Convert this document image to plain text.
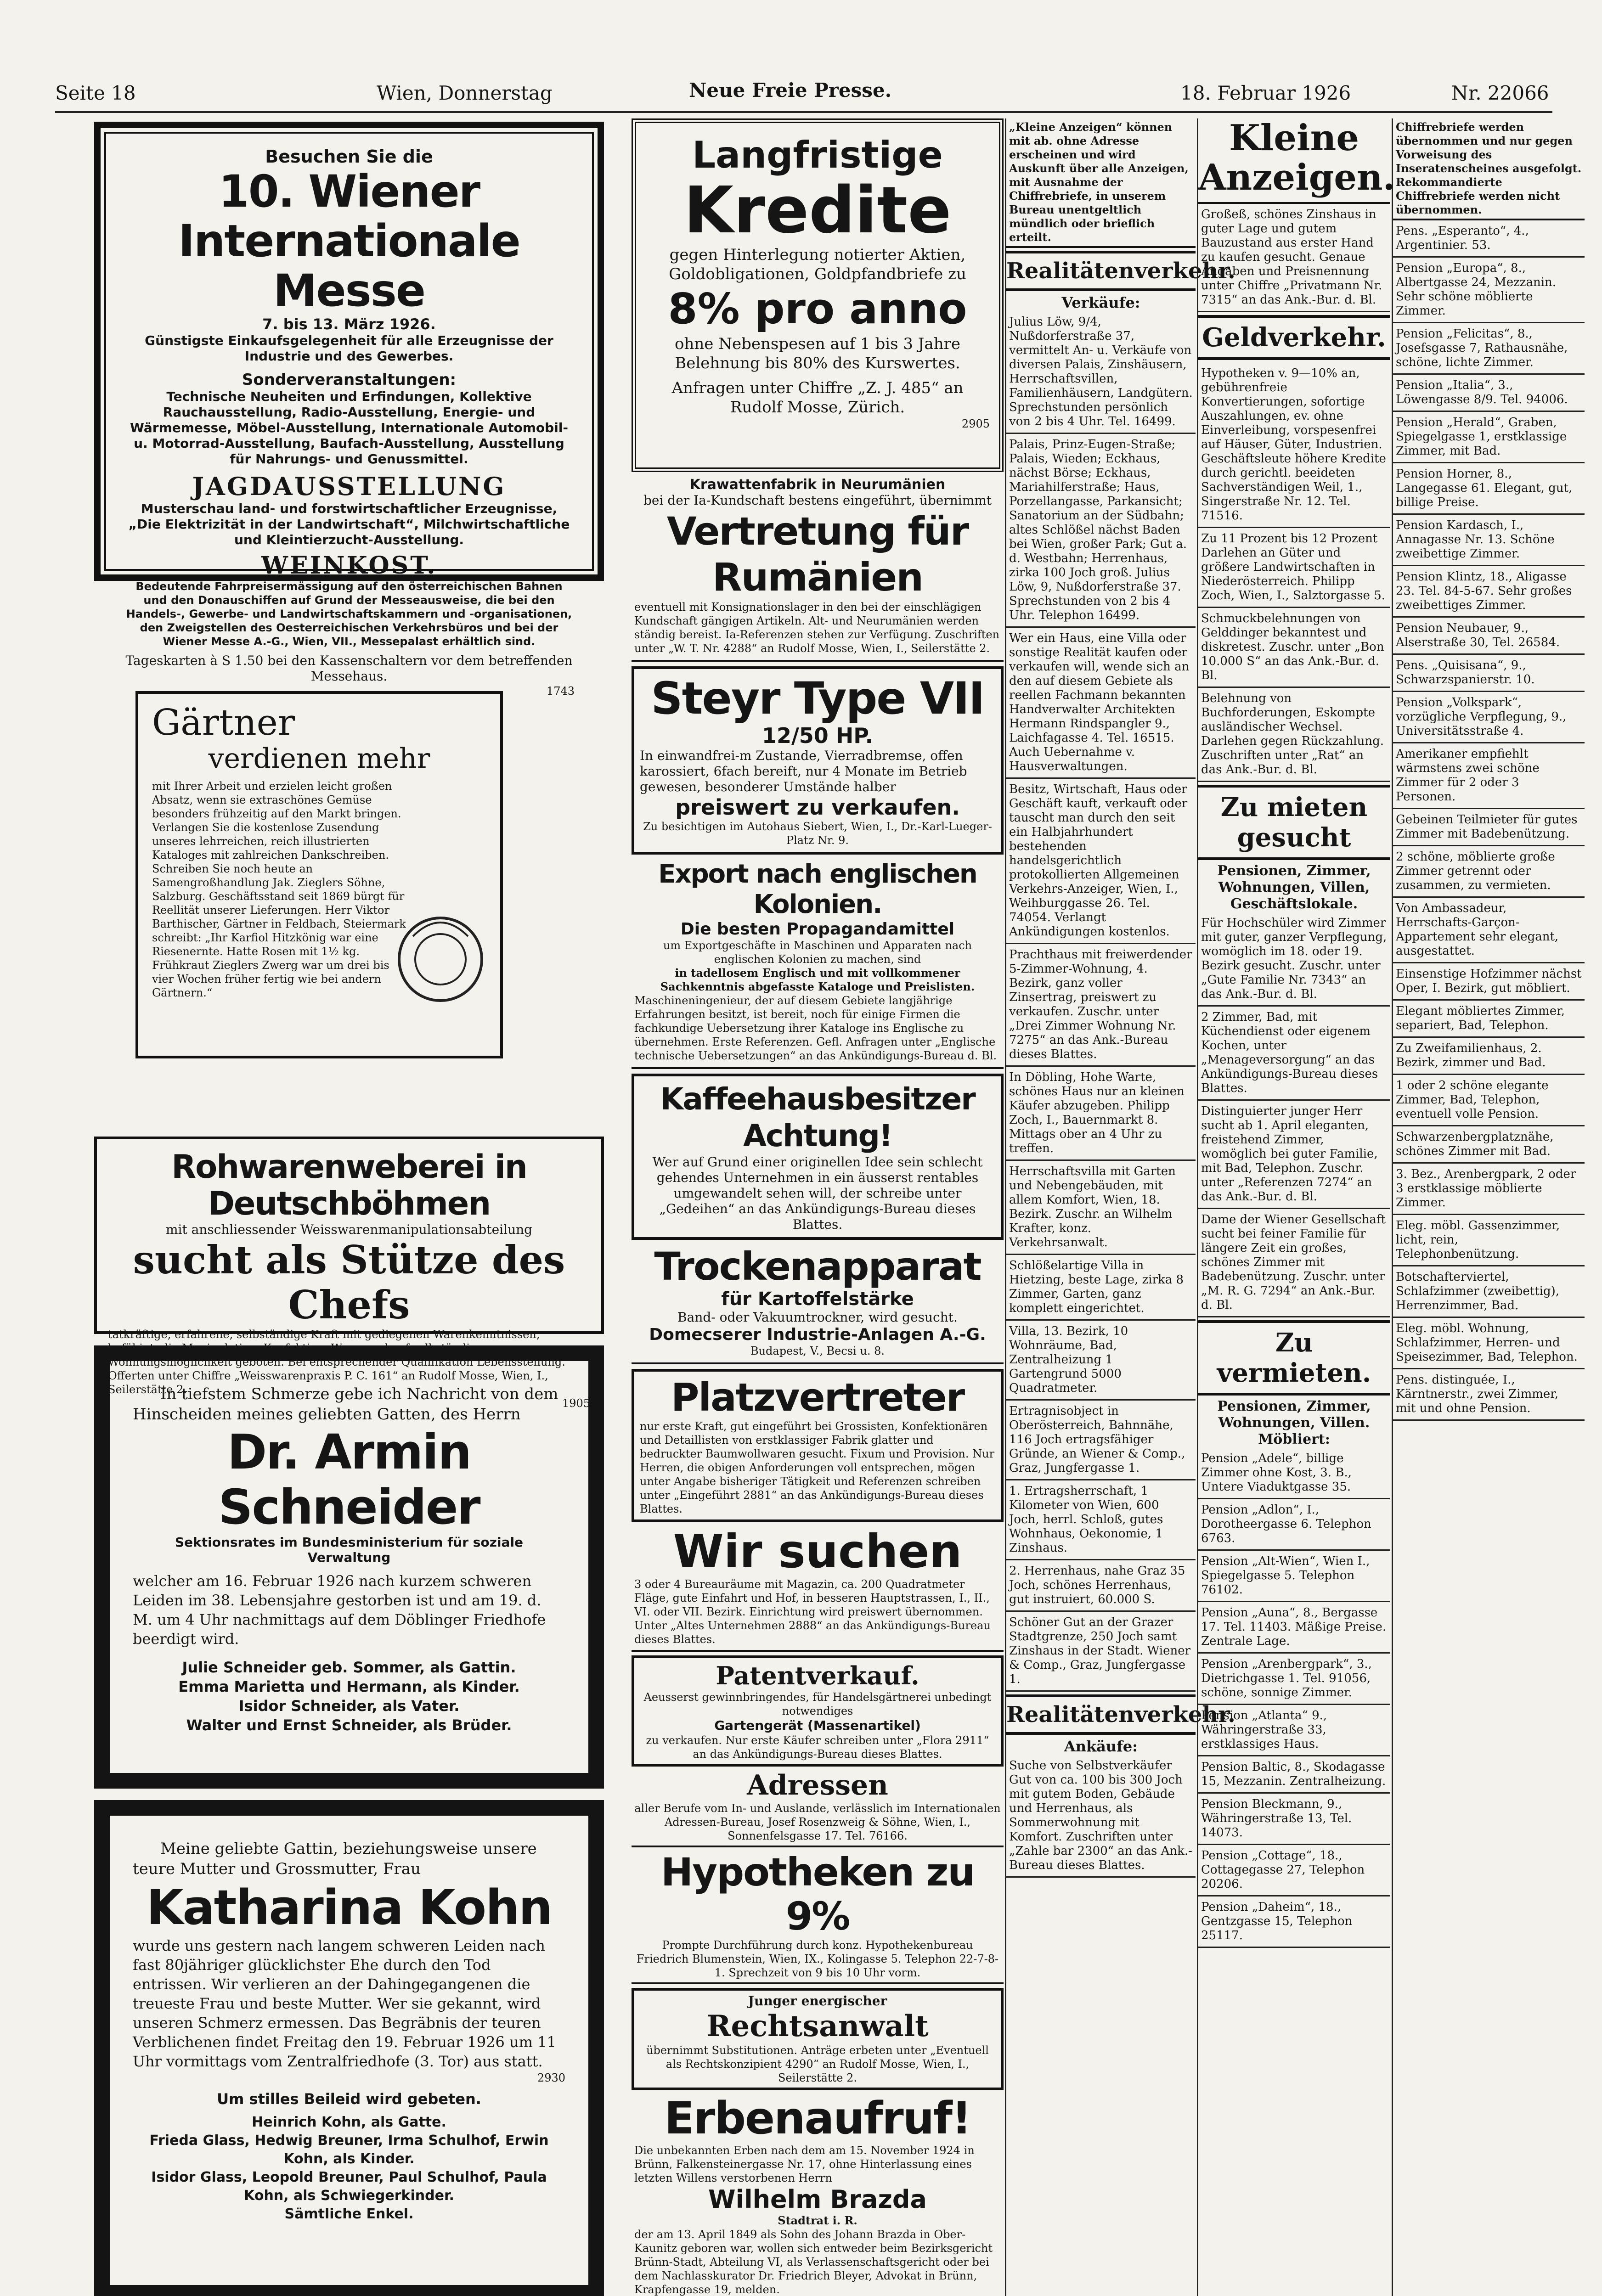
Seite 18	Wien, Donnerstag	Neue Freie Presse.	18. Februar 1926	Nr. 22066

Besuchen Sie die

10. Wiener Internationale Messe

7. bis 13. März 1926.

Günstigste Einkaufsgelegenheit für alle Erzeugnisse der Industrie und des Gewerbes.

Sonderveranstaltungen:

Technische Neuheiten und Erfindungen, Kollektive Rauchausstellung, Radio-Ausstellung, Energie- und Wärmemesse, Möbel-Ausstellung, Internationale Automobil- u. Motorrad-Ausstellung, Baufach-Ausstellung, Ausstellung für Nahrungs- und Genussmittel.

JAGDAUSSTELLUNG

Musterschau land- und forstwirtschaftlicher Erzeugnisse, „Die Elektrizität in der Landwirtschaft“, Milchwirtschaftliche und Kleintierzucht-Ausstellung.

WEINKOST.

Bedeutende Fahrpreisermässigung auf den österreichischen Bahnen und den Donauschiffen auf Grund der Messeausweise, die bei den Handels-, Gewerbe- und Landwirtschaftskammern und -organisationen, den Zweigstellen des Oesterreichischen Verkehrsbüros und bei der Wiener Messe A.-G., Wien, VII., Messepalast erhältlich sind.

Tageskarten à S 1.50 bei den Kassenschaltern vor dem betreffenden Messehaus.

1743

Gärtner

verdienen mehr

mit Ihrer Arbeit und erzielen leicht großen Absatz, wenn sie extraschönes Gemüse besonders frühzeitig auf den Markt bringen. Verlangen Sie die kostenlose Zusendung unseres lehrreichen, reich illustrierten Kataloges mit zahlreichen Dankschreiben. Schreiben Sie noch heute an Samengroßhandlung Jak. Zieglers Söhne, Salzburg. Geschäftsstand seit 1869 bürgt für Reellität unserer Lieferungen. Herr Viktor Barthischer, Gärtner in Feldbach, Steiermark schreibt: „Ihr Karfiol Hitzkönig war eine Riesenernte. Hatte Rosen mit 1½ kg. Frühkraut Zieglers Zwerg war um drei bis vier Wochen früher fertig wie bei andern Gärtnern.“

Rohwarenweberei in Deutschböhmen

mit anschliessender Weisswarenmanipulationsabteilung

sucht als Stütze des Chefs

tatkräftige, erfahrene, selbständige Kraft mit gediegenen Warenkenntnissen, befähigt, die Manipulation, Konfektion, Warenverkauf selbständig zu versorgen. Wohnungsmöglichkeit geboten. Bei entsprechender Qualifikation Lebensstellung. Offerten unter Chiffre „Weisswarenpraxis P. C. 161“ an Rudolf Mosse, Wien, I., Seilerstätte 2.

1905

In tiefstem Schmerze gebe ich Nachricht von dem Hinscheiden meines geliebten Gatten, des Herrn

Dr. Armin Schneider

Sektionsrates im Bundesministerium für soziale Verwaltung

welcher am 16. Februar 1926 nach kurzem schweren Leiden im 38. Lebensjahre gestorben ist und am 19. d. M. um 4 Uhr nachmittags auf dem Döblinger Friedhofe beerdigt wird.

Julie Schneider geb. Sommer, als Gattin.

Emma Marietta und Hermann, als Kinder.

Isidor Schneider, als Vater.

Walter und Ernst Schneider, als Brüder.

Meine geliebte Gattin, beziehungsweise unsere teure Mutter und Grossmutter, Frau

Katharina Kohn

wurde uns gestern nach langem schweren Leiden nach fast 80jähriger glücklichster Ehe durch den Tod entrissen. Wir verlieren an der Dahingegangenen die treueste Frau und beste Mutter. Wer sie gekannt, wird unseren Schmerz ermessen. Das Begräbnis der teuren Verblichenen findet Freitag den 19. Februar 1926 um 11 Uhr vormittags vom Zentralfriedhofe (3. Tor) aus statt.

2930

Um stilles Beileid wird gebeten.

Heinrich Kohn, als Gatte.

Frieda Glass, Hedwig Breuner, Irma Schulhof, Erwin Kohn, als Kinder.

Isidor Glass, Leopold Breuner, Paul Schulhof, Paula Kohn, als Schwiegerkinder.

Sämtliche Enkel.

Langfristige

Kredite

gegen Hinterlegung notierter Aktien, Goldobligationen, Goldpfandbriefe zu

8% pro anno

ohne Nebenspesen auf 1 bis 3 Jahre Belehnung bis 80% des Kurswertes.

Anfragen unter Chiffre „Z. J. 485“ an Rudolf Mosse, Zürich.

2905

Krawattenfabrik in Neurumänien

bei der Ia-Kundschaft bestens eingeführt, übernimmt

Vertretung für Rumänien

eventuell mit Konsignationslager in den bei der einschlägigen Kundschaft gängigen Artikeln. Alt- und Neurumänien werden ständig bereist. Ia-Referenzen stehen zur Verfügung. Zuschriften unter „W. T. Nr. 4288“ an Rudolf Mosse, Wien, I., Seilerstätte 2.

Steyr Type VII

12/50 HP.

In einwandfrei-m Zustande, Vierradbremse, offen karossiert, 6fach bereift, nur 4 Monate im Betrieb gewesen, besonderer Umstände halber

preiswert zu verkaufen.

Zu besichtigen im Autohaus Siebert, Wien, I., Dr.-Karl-Lueger-Platz Nr. 9.

Export nach englischen Kolonien.

Die besten Propagandamittel

um Exportgeschäfte in Maschinen und Apparaten nach englischen Kolonien zu machen, sind

in tadellosem Englisch und mit vollkommener Sachkenntnis abgefasste Kataloge und Preislisten.

Maschineningenieur, der auf diesem Gebiete langjährige Erfahrungen besitzt, ist bereit, noch für einige Firmen die fachkundige Uebersetzung ihrer Kataloge ins Englische zu übernehmen. Erste Referenzen. Gefl. Anfragen unter „Englische technische Uebersetzungen“ an das Ankündigungs-Bureau d. Bl.

Kaffeehausbesitzer Achtung!

Wer auf Grund einer originellen Idee sein schlecht gehendes Unternehmen in ein äusserst rentables umgewandelt sehen will, der schreibe unter „Gedeihen“ an das Ankündigungs-Bureau dieses Blattes.

Trockenapparat

für Kartoffelstärke

Band- oder Vakuumtrockner, wird gesucht.

Domecserer Industrie-Anlagen A.-G.

Budapest, V., Becsi u. 8.

Platzvertreter

nur erste Kraft, gut eingeführt bei Grossisten, Konfektionären und Detaillisten von erstklassiger Fabrik glatter und bedruckter Baumwollwaren gesucht. Fixum und Provision. Nur Herren, die obigen Anforderungen voll entsprechen, mögen unter Angabe bisheriger Tätigkeit und Referenzen schreiben unter „Eingeführt 2881“ an das Ankündigungs-Bureau dieses Blattes.

Wir suchen

3 oder 4 Bureauräume mit Magazin, ca. 200 Quadratmeter Fläge, gute Einfahrt und Hof, in besseren Hauptstrassen, I., II., VI. oder VII. Bezirk. Einrichtung wird preiswert übernommen. Unter „Altes Unternehmen 2888“ an das Ankündigungs-Bureau dieses Blattes.

Patentverkauf.

Aeusserst gewinnbringendes, für Handelsgärtnerei unbedingt notwendiges

Gartengerät (Massenartikel)

zu verkaufen. Nur erste Käufer schreiben unter „Flora 2911“ an das Ankündigungs-Bureau dieses Blattes.

Adressen

aller Berufe vom In- und Auslande, verlässlich im Internationalen Adressen-Bureau, Josef Rosenzweig & Söhne, Wien, I., Sonnenfelsgasse 17. Tel. 76166.

Hypotheken zu 9%

Prompte Durchführung durch konz. Hypothekenbureau Friedrich Blumenstein, Wien, IX., Kolingasse 5. Telephon 22-7-8-1. Sprechzeit von 9 bis 10 Uhr vorm.

Junger energischer

Rechtsanwalt

übernimmt Substitutionen. Anträge erbeten unter „Eventuell als Rechtskonzipient 4290“ an Rudolf Mosse, Wien, I., Seilerstätte 2.

Erbenaufruf!

Die unbekannten Erben nach dem am 15. November 1924 in Brünn, Falkensteinergasse Nr. 17, ohne Hinterlassung eines letzten Willens verstorbenen Herrn

Wilhelm Brazda

Stadtrat i. R.

der am 13. April 1849 als Sohn des Johann Brazda in Ober-Kaunitz geboren war, wollen sich entweder beim Bezirksgericht Brünn-Stadt, Abteilung VI, als Verlassenschaftsgericht oder bei dem Nachlasskurator Dr. Friedrich Bleyer, Advokat in Brünn, Krapfengasse 19, melden.

„Kleine Anzeigen“ können mit ab. ohne Adresse erscheinen und wird Auskunft über alle Anzeigen, mit Ausnahme der Chiffrebriefe, in unserem Bureau unentgeltlich mündlich oder brieflich erteilt.

Realitätenverkehr.

Verkäufe:

Julius Löw, 9/4, Nußdorferstraße 37, vermittelt An- u. Verkäufe von diversen Palais, Zinshäusern, Herrschaftsvillen, Familienhäusern, Landgütern. Sprechstunden persönlich von 2 bis 4 Uhr. Tel. 16499.
Palais, Prinz-Eugen-Straße; Palais, Wieden; Eckhaus, nächst Börse; Eckhaus, Mariahilferstraße; Haus, Porzellangasse, Parkansicht; Sanatorium an der Südbahn; altes Schlößel nächst Baden bei Wien, großer Park; Gut a. d. Westbahn; Herrenhaus, zirka 100 Joch groß. Julius Löw, 9, Nußdorferstraße 37. Sprechstunden von 2 bis 4 Uhr. Telephon 16499.
Wer ein Haus, eine Villa oder sonstige Realität kaufen oder verkaufen will, wende sich an den auf diesem Gebiete als reellen Fachmann bekannten Handverwalter Architekten Hermann Rindspangler 9., Laichfagasse 4. Tel. 16515. Auch Uebernahme v. Hausverwaltungen.
Besitz, Wirtschaft, Haus oder Geschäft kauft, verkauft oder tauscht man durch den seit ein Halbjahrhundert bestehenden handelsgerichtlich protokollierten Allgemeinen Verkehrs-Anzeiger, Wien, I., Weihburggasse 26. Tel. 74054. Verlangt Ankündigungen kostenlos.
Prachthaus mit freiwerdender 5-Zimmer-Wohnung, 4. Bezirk, ganz voller Zinsertrag, preiswert zu verkaufen. Zuschr. unter „Drei Zimmer Wohnung Nr. 7275“ an das Ank.-Bureau dieses Blattes.
In Döbling, Hohe Warte, schönes Haus nur an kleinen Käufer abzugeben. Philipp Zoch, I., Bauernmarkt 8. Mittags ober an 4 Uhr zu treffen.
Herrschaftsvilla mit Garten und Nebengebäuden, mit allem Komfort, Wien, 18. Bezirk. Zuschr. an Wilhelm Krafter, konz. Verkehrsanwalt.
Schlößelartige Villa in Hietzing, beste Lage, zirka 8 Zimmer, Garten, ganz komplett eingerichtet.
Villa, 13. Bezirk, 10 Wohnräume, Bad, Zentralheizung 1 Gartengrund 5000 Quadratmeter.
Ertragnisobject in Oberösterreich, Bahnnähe, 116 Joch ertragsfähiger Gründe, an Wiener & Comp., Graz, Jungfergasse 1.
1. Ertragsherrschaft, 1 Kilometer von Wien, 600 Joch, herrl. Schloß, gutes Wohnhaus, Oekonomie, 1 Zinshaus.
2. Herrenhaus, nahe Graz 35 Joch, schönes Herrenhaus, gut instruiert, 60.000 S.
Schöner Gut an der Grazer Stadtgrenze, 250 Joch samt Zinshaus in der Stadt. Wiener & Comp., Graz, Jungfergasse 1.
Realitätenverkehr.

Ankäufe:

Suche von Selbstverkäufer Gut von ca. 100 bis 300 Joch mit gutem Boden, Gebäude und Herrenhaus, als Sommerwohnung mit Komfort. Zuschriften unter „Zahle bar 2300“ an das Ank.-Bureau dieses Blattes.

Kleine Anzeigen.

Großeß, schönes Zinshaus in guter Lage und gutem Bauzustand aus erster Hand zu kaufen gesucht. Genaue Angaben und Preisnennung unter Chiffre „Privatmann Nr. 7315“ an das Ank.-Bur. d. Bl.
Geldverkehr.
Hypotheken v. 9—10% an, gebührenfreie Konvertierungen, sofortige Auszahlungen, ev. ohne Einverleibung, vorspesenfrei auf Häuser, Güter, Industrien. Geschäftsleute höhere Kredite durch gerichtl. beeideten Sachverständigen Weil, 1., Singerstraße Nr. 12. Tel. 71516.
Zu 11 Prozent bis 12 Prozent Darlehen an Güter und größere Landwirtschaften in Niederösterreich. Philipp Zoch, Wien, I., Salztorgasse 5.
Schmuckbelehnungen von Gelddinger bekanntest und diskretest. Zuschr. unter „Bon 10.000 S“ an das Ank.-Bur. d. Bl.
Belehnung von Buchforderungen, Eskompte ausländischer Wechsel. Darlehen gegen Rückzahlung. Zuschriften unter „Rat“ an das Ank.-Bur. d. Bl.
Zu mieten gesucht

Pensionen, Zimmer, Wohnungen, Villen, Geschäftslokale.

Für Hochschüler wird Zimmer mit guter, ganzer Verpflegung, womöglich im 18. oder 19. Bezirk gesucht. Zuschr. unter „Gute Familie Nr. 7343“ an das Ank.-Bur. d. Bl.
2 Zimmer, Bad, mit Küchendienst oder eigenem Kochen, unter „Menageversorgung“ an das Ankündigungs-Bureau dieses Blattes.
Distinguierter junger Herr sucht ab 1. April eleganten, freistehend Zimmer, womöglich bei guter Familie, mit Bad, Telephon. Zuschr. unter „Referenzen 7274“ an das Ank.-Bur. d. Bl.
Dame der Wiener Gesellschaft sucht bei feiner Familie für längere Zeit ein großes, schönes Zimmer mit Badebenützung. Zuschr. unter „M. R. G. 7294“ an Ank.-Bur. d. Bl.
Zu vermieten.

Pensionen, Zimmer, Wohnungen, Villen. Möbliert:

Pension „Adele“, billige Zimmer ohne Kost, 3. B., Untere Viaduktgasse 35.
Pension „Adlon“, I., Dorotheergasse 6. Telephon 6763.
Pension „Alt-Wien“, Wien I., Spiegelgasse 5. Telephon 76102.
Pension „Auna“, 8., Bergasse 17. Tel. 11403. Mäßige Preise. Zentrale Lage.
Pension „Arenbergpark“, 3., Dietrichgasse 1. Tel. 91056, schöne, sonnige Zimmer.
Pension „Atlanta“ 9., Währingerstraße 33, erstklassiges Haus.
Pension Baltic, 8., Skodagasse 15, Mezzanin. Zentralheizung.
Pension Bleckmann, 9., Währingerstraße 13, Tel. 14073.
Pension „Cottage“, 18., Cottagegasse 27, Telephon 20206.
Pension „Daheim“, 18., Gentzgasse 15, Telephon 25117.

Chiffrebriefe werden übernommen und nur gegen Vorweisung des Inseratenscheines ausgefolgt. Rekommandierte Chiffrebriefe werden nicht übernommen.

Pens. „Esperanto“, 4., Argentinier. 53.
Pension „Europa“, 8., Albertgasse 24, Mezzanin. Sehr schöne möblierte Zimmer.
Pension „Felicitas“, 8., Josefsgasse 7, Rathausnähe, schöne, lichte Zimmer.
Pension „Italia“, 3., Löwengasse 8/9. Tel. 94006.
Pension „Herald“, Graben, Spiegelgasse 1, erstklassige Zimmer, mit Bad.
Pension Horner, 8., Langegasse 61. Elegant, gut, billige Preise.
Pension Kardasch, I., Annagasse Nr. 13. Schöne zweibettige Zimmer.
Pension Klintz, 18., Aligasse 23. Tel. 84-5-67. Sehr großes zweibettiges Zimmer.
Pension Neubauer, 9., Alserstraße 30, Tel. 26584.
Pens. „Quisisana“, 9., Schwarzspanierstr. 10.
Pension „Volkspark“, vorzügliche Verpflegung, 9., Universitätsstraße 4.
Amerikaner empfiehlt wärmstens zwei schöne Zimmer für 2 oder 3 Personen.
Gebeinen Teilmieter für gutes Zimmer mit Badebenützung.
2 schöne, möblierte große Zimmer getrennt oder zusammen, zu vermieten.
Von Ambassadeur, Herrschafts-Garçon-Appartement sehr elegant, ausgestattet.
Einsenstige Hofzimmer nächst Oper, I. Bezirk, gut möbliert.
Elegant möbliertes Zimmer, separiert, Bad, Telephon.
Zu Zweifamilienhaus, 2. Bezirk, zimmer und Bad.
1 oder 2 schöne elegante Zimmer, Bad, Telephon, eventuell volle Pension.
Schwarzenbergplatznähe, schönes Zimmer mit Bad.
3. Bez., Arenbergpark, 2 oder 3 erstklassige möblierte Zimmer.
Eleg. möbl. Gassenzimmer, licht, rein, Telephonbenützung.
Botschafterviertel, Schlafzimmer (zweibettig), Herrenzimmer, Bad.
Eleg. möbl. Wohnung, Schlafzimmer, Herren- und Speisezimmer, Bad, Telephon.
Pens. distinguée, I., Kärntnerstr., zwei Zimmer, mit und ohne Pension.
